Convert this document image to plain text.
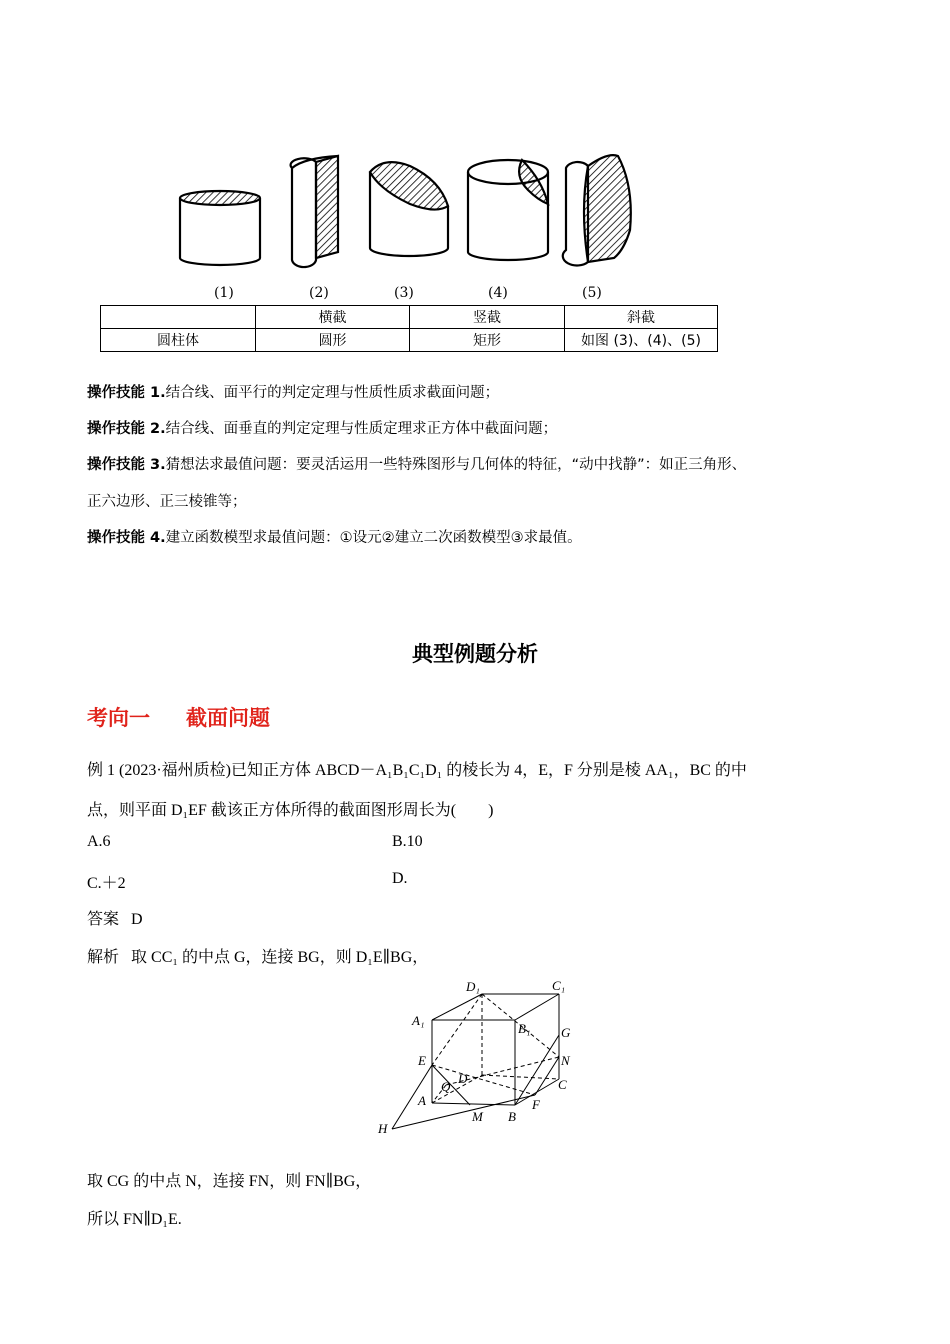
(1)	(2)	(3)	(4)	(5)
	横截	竖截	斜截
圆柱体	圆形	矩形	如图 (3)、(4)、(5)
操作技能 1.结合线、面平行的判定定理与性质性质求截面问题；
操作技能 2.结合线、面垂直的判定定理与性质定理求正方体中截面问题；
操作技能 3.猜想法求最值问题：要灵活运用一些特殊图形与几何体的特征，“动中找静”：如正三角形、
正六边形、正三棱锥等；
操作技能 4.建立函数模型求最值问题：①设元②建立二次函数模型③求最值。
典型例题分析
考向一 截面问题
例 1 (2023·福州质检)已知正方体 ABCD－A₁B₁C₁D₁ 的棱长为 4，E，F 分别是棱 AA₁，BC 的中
点，则平面 D₁EF 截该正方体所得的截面图形周长为(　　)
A.6	B.10
C.＋2	D.
答案 D
解析 取 CC₁ 的中点 G，连接 BG，则 D₁E∥BG，
D₁	C₁
A₁
B₁ G
E	N
D	C
Q
A	F
M B
H
取 CG 的中点 N，连接 FN，则 FN∥BG，
所以 FN∥D₁E.
